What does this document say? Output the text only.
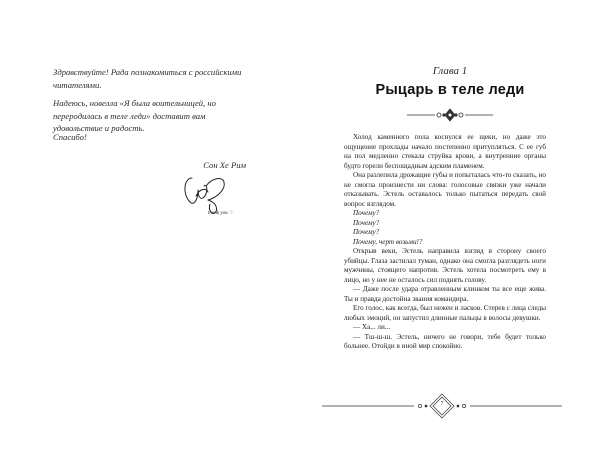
Здравствуйте! Рада познакомиться с российскими читателями.

Надеюсь, новелла «Я была воительницей, но переродилась в теле леди» доставит вам удовольствие и радость.

Спасибо!

Сон Хе Рим
thank you ♡
Глава 1
Рыцарь в теле леди

Холод каменного пола коснулся ее щеки, но даже это ощущение прохлады начало постепенно притупляться. С ее губ на пол медленно стекала струйка крови, а внутренние органы будто горели беспощадным адским пламенем.

Она разлепила дрожащие губы и попыталась что-то сказать, но не смогла произнести ни слова: голосовые связки уже начали отказывать. Эстель оставалось только пытаться передать свой вопрос взглядом.

Почему?

Почему?

Почему?

Почему, черт возьми!?

Открыв веки, Эстель направила взгляд в сторону своего убийцы. Глаза застилал туман, однако она смогла разглядеть ноги мужчины, стоящего напротив. Эстель хотела посмотреть ему в лицо, но у нее не осталось сил поднять голову.

— Даже после удара отравленным клинком ты все еще жива. Ты и правда достойна звания командира.

Его голос, как всегда, был нежен и ласков. Стерев с лица следы любых эмоций, он запустил длинные пальцы в волосы девушки.

— Ха... ли...

— Тш-ш-ш. Эстель, ничего не говори, тебе будет только больнее. Отойди в иной мир спокойно.

7
